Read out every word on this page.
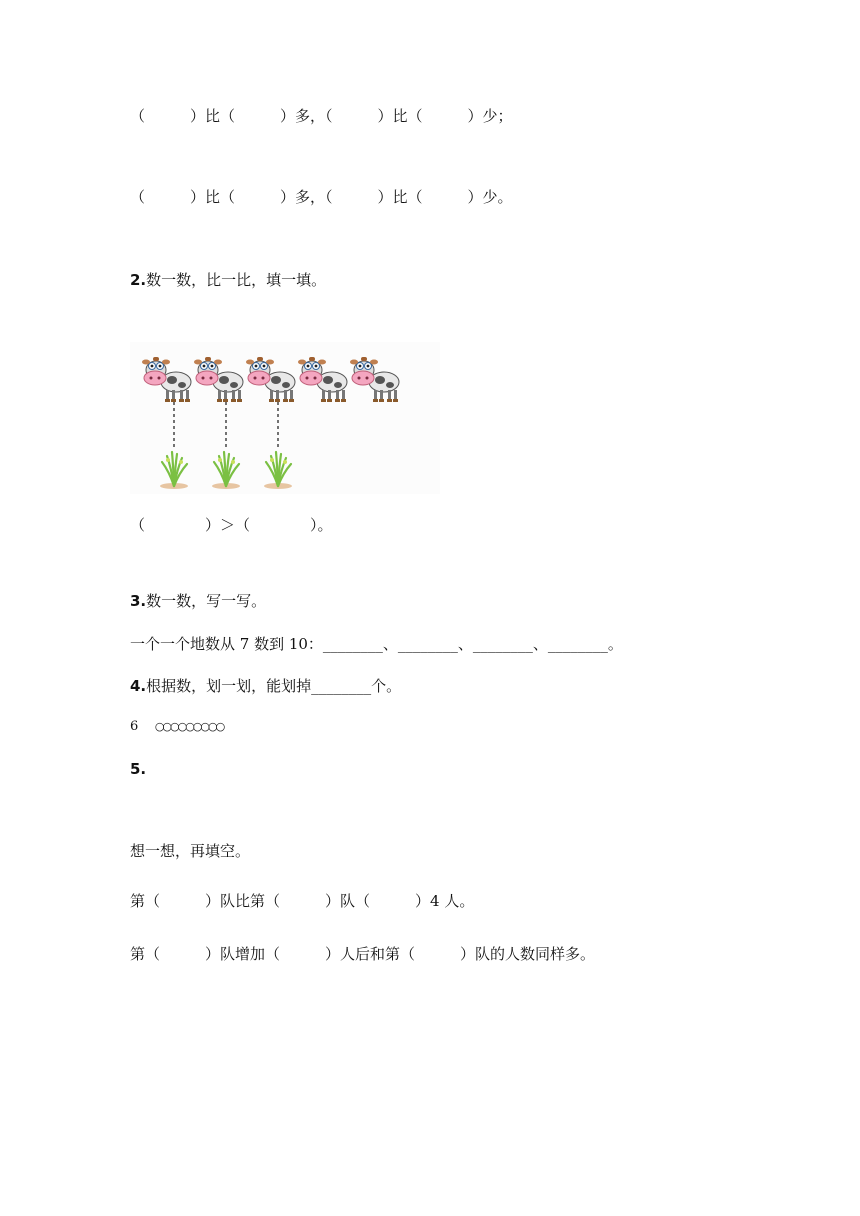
（　　　）比（　　　）多，（　　　）比（　　　）少；
（　　　）比（　　　）多，（　　　）比（　　　）少。
2.数一数，比一比，填一填。
（　　　　）＞（　　　　）。
3.数一数，写一写。
一个一个地数从 7 数到 10：________、________、________、________。
4.根据数，划一划，能划掉________个。
6 ○○○○○○○○○
5.
想一想，再填空。
第（　　　）队比第（　　　）队（　　　）4 人。
第（　　　）队增加（　　　）人后和第（　　　）队的人数同样多。
